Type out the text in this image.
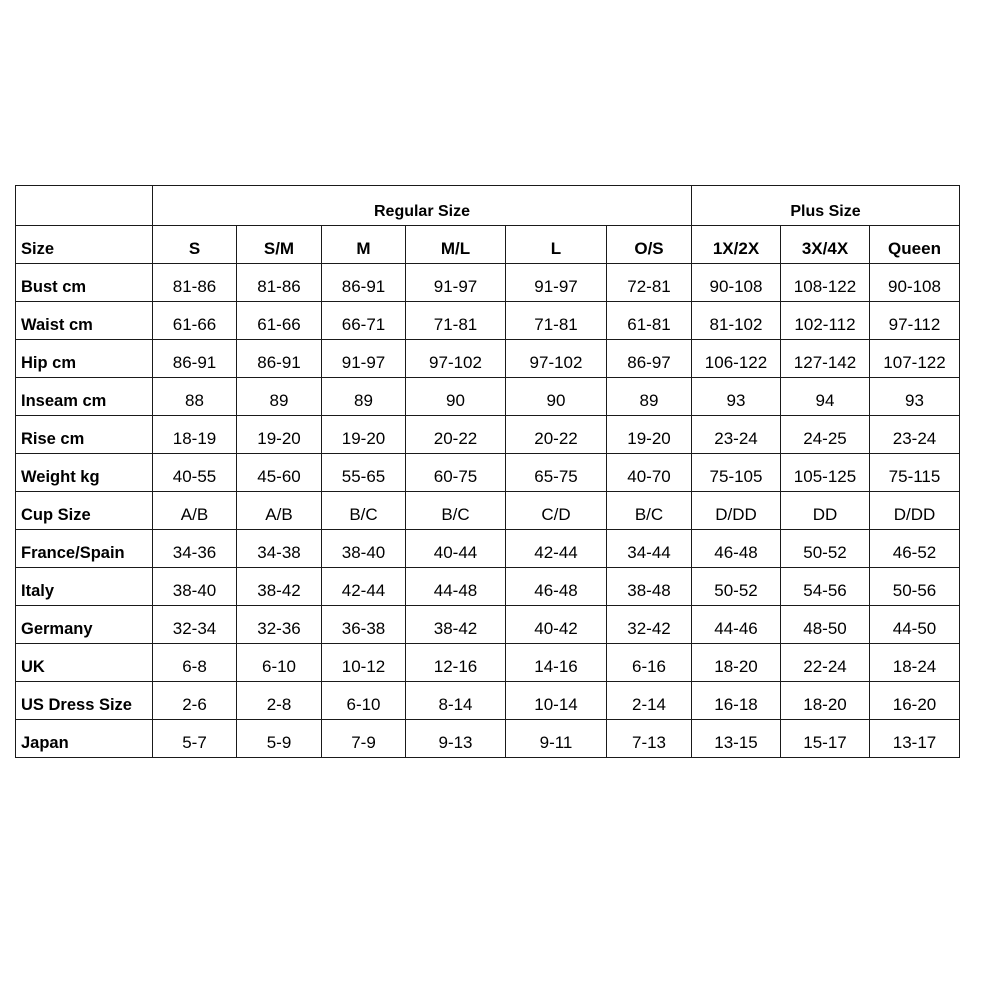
	Regular Size						Plus Size		
Size	S	S/M	M	M/L	L	O/S	1X/2X	3X/4X	Queen
Bust cm	81-86	81-86	86-91	91-97	91-97	72-81	90-108	108-122	90-108
Waist cm	61-66	61-66	66-71	71-81	71-81	61-81	81-102	102-112	97-112
Hip cm	86-91	86-91	91-97	97-102	97-102	86-97	106-122	127-142	107-122
Inseam cm	88	89	89	90	90	89	93	94	93
Rise cm	18-19	19-20	19-20	20-22	20-22	19-20	23-24	24-25	23-24
Weight kg	40-55	45-60	55-65	60-75	65-75	40-70	75-105	105-125	75-115
Cup Size	A/B	A/B	B/C	B/C	C/D	B/C	D/DD	DD	D/DD
France/Spain	34-36	34-38	38-40	40-44	42-44	34-44	46-48	50-52	46-52
Italy	38-40	38-42	42-44	44-48	46-48	38-48	50-52	54-56	50-56
Germany	32-34	32-36	36-38	38-42	40-42	32-42	44-46	48-50	44-50
UK	6-8	6-10	10-12	12-16	14-16	6-16	18-20	22-24	18-24
US Dress Size	2-6	2-8	6-10	8-14	10-14	2-14	16-18	18-20	16-20
Japan	5-7	5-9	7-9	9-13	9-11	7-13	13-15	15-17	13-17
